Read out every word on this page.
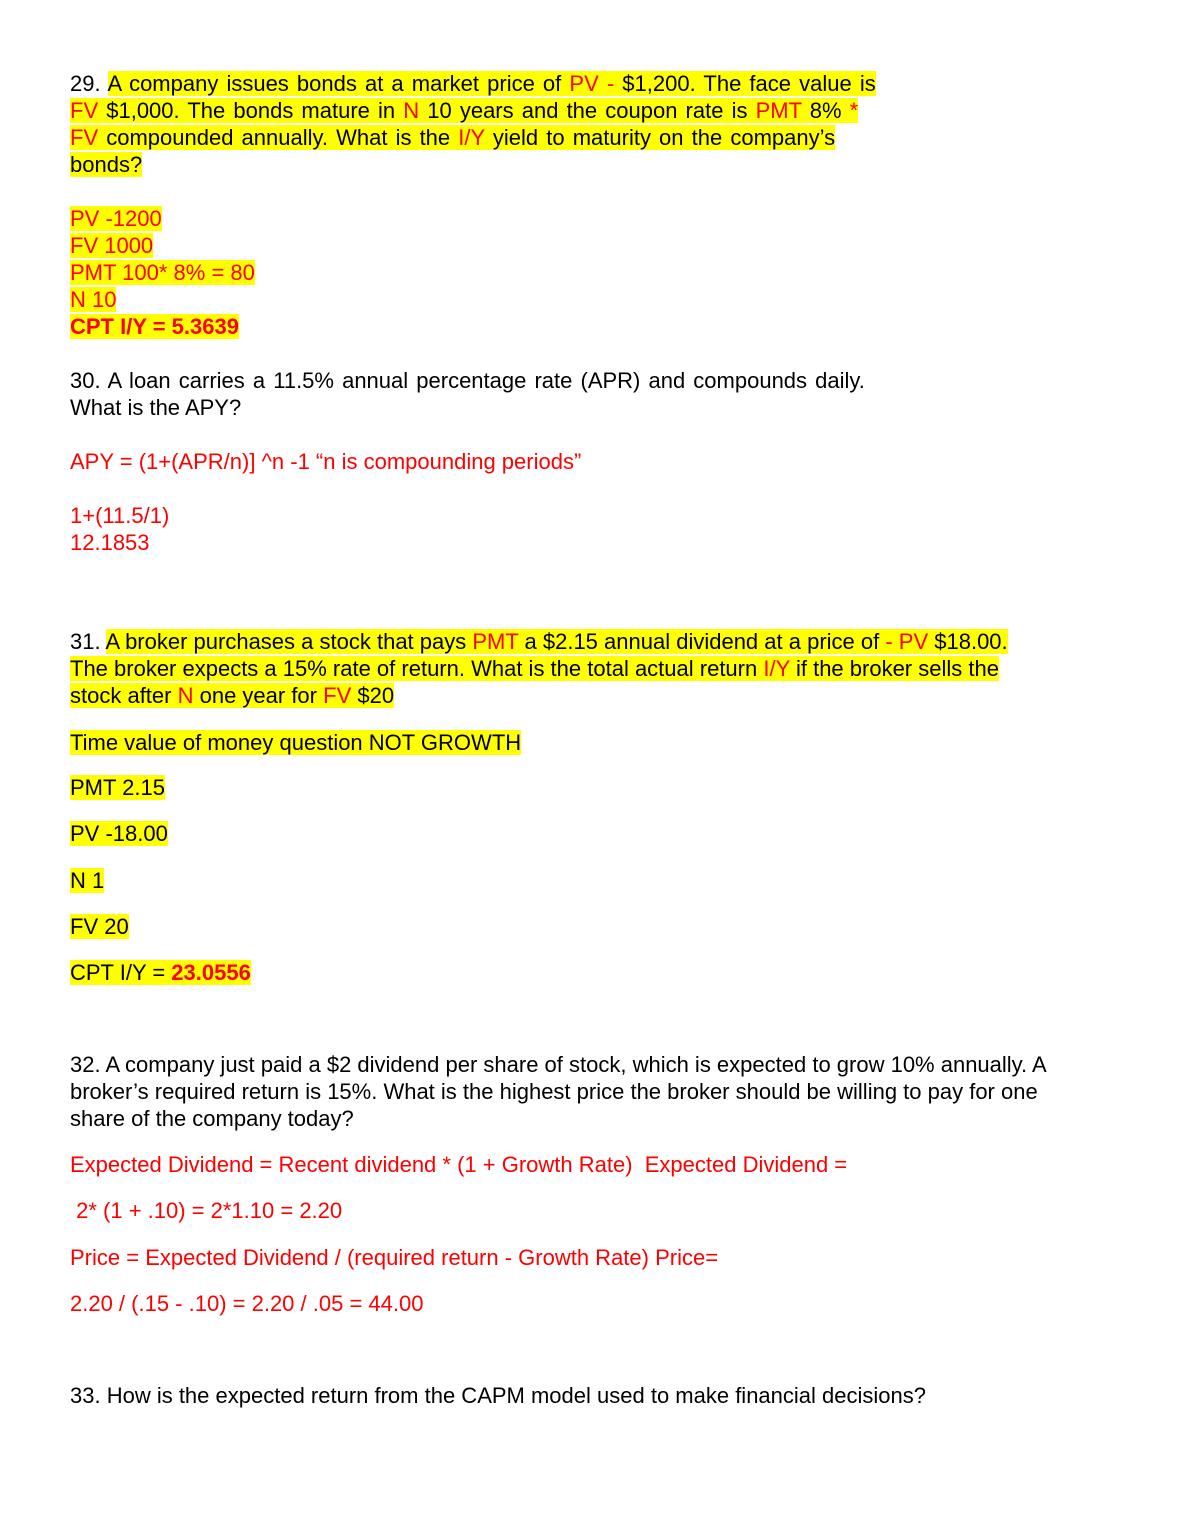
29. A company issues bonds at a market price of PV - $1,200. The face value is
FV $1,000. The bonds mature in N 10 years and the coupon rate is PMT 8% *
FV compounded annually. What is the I/Y yield to maturity on the company’s
bonds?
PV -1200
FV 1000
PMT 100* 8% = 80
N 10
CPT I/Y = 5.3639
30. A loan carries a 11.5% annual percentage rate (APR) and compounds daily.
What is the APY?
APY = (1+(APR/n)] ^n -1 “n is compounding periods”
1+(11.5/1)
12.1853
31. A broker purchases a stock that pays PMT a $2.15 annual dividend at a price of - PV $18.00.
The broker expects a 15% rate of return. What is the total actual return I/Y if the broker sells the
stock after N one year for FV $20
Time value of money question NOT GROWTH
PMT 2.15
PV -18.00
N 1
FV 20
CPT I/Y = 23.0556
32. A company just paid a $2 dividend per share of stock, which is expected to grow 10% annually. A
broker’s required return is 15%. What is the highest price the broker should be willing to pay for one
share of the company today?
Expected Dividend = Recent dividend * (1 + Growth Rate)  Expected Dividend =
2* (1 + .10) = 2*1.10 = 2.20
Price = Expected Dividend / (required return - Growth Rate) Price=
2.20 / (.15 - .10) = 2.20 / .05 = 44.00
33. How is the expected return from the CAPM model used to make financial decisions?
